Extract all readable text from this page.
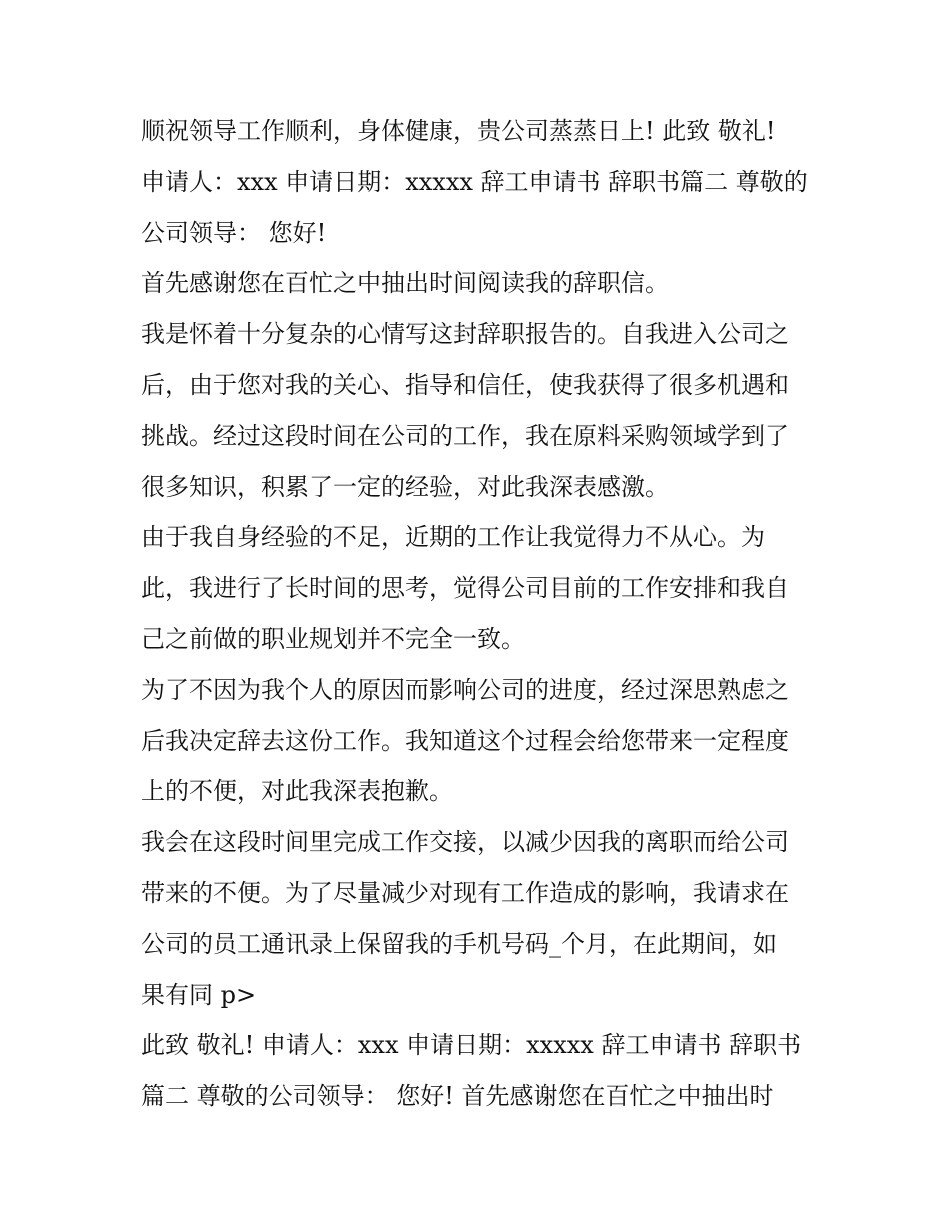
顺祝领导工作顺利，身体健康，贵公司蒸蒸日上! 此致 敬礼!
申请人：xxx 申请日期：xxxxx 辞工申请书 辞职书篇二 尊敬的
公司领导： 您好!
首先感谢您在百忙之中抽出时间阅读我的辞职信。
我是怀着十分复杂的心情写这封辞职报告的。自我进入公司之
后，由于您对我的关心、指导和信任，使我获得了很多机遇和
挑战。经过这段时间在公司的工作，我在原料采购领域学到了
很多知识，积累了一定的经验，对此我深表感激。
由于我自身经验的不足，近期的工作让我觉得力不从心。为
此，我进行了长时间的思考，觉得公司目前的工作安排和我自
己之前做的职业规划并不完全一致。
为了不因为我个人的原因而影响公司的进度，经过深思熟虑之
后我决定辞去这份工作。我知道这个过程会给您带来一定程度
上的不便，对此我深表抱歉。
我会在这段时间里完成工作交接，以减少因我的离职而给公司
带来的不便。为了尽量减少对现有工作造成的影响，我请求在
公司的员工通讯录上保留我的手机号码_个月，在此期间，如
果有同 p>
此致 敬礼! 申请人：xxx 申请日期：xxxxx 辞工申请书 辞职书
篇二 尊敬的公司领导： 您好! 首先感谢您在百忙之中抽出时
